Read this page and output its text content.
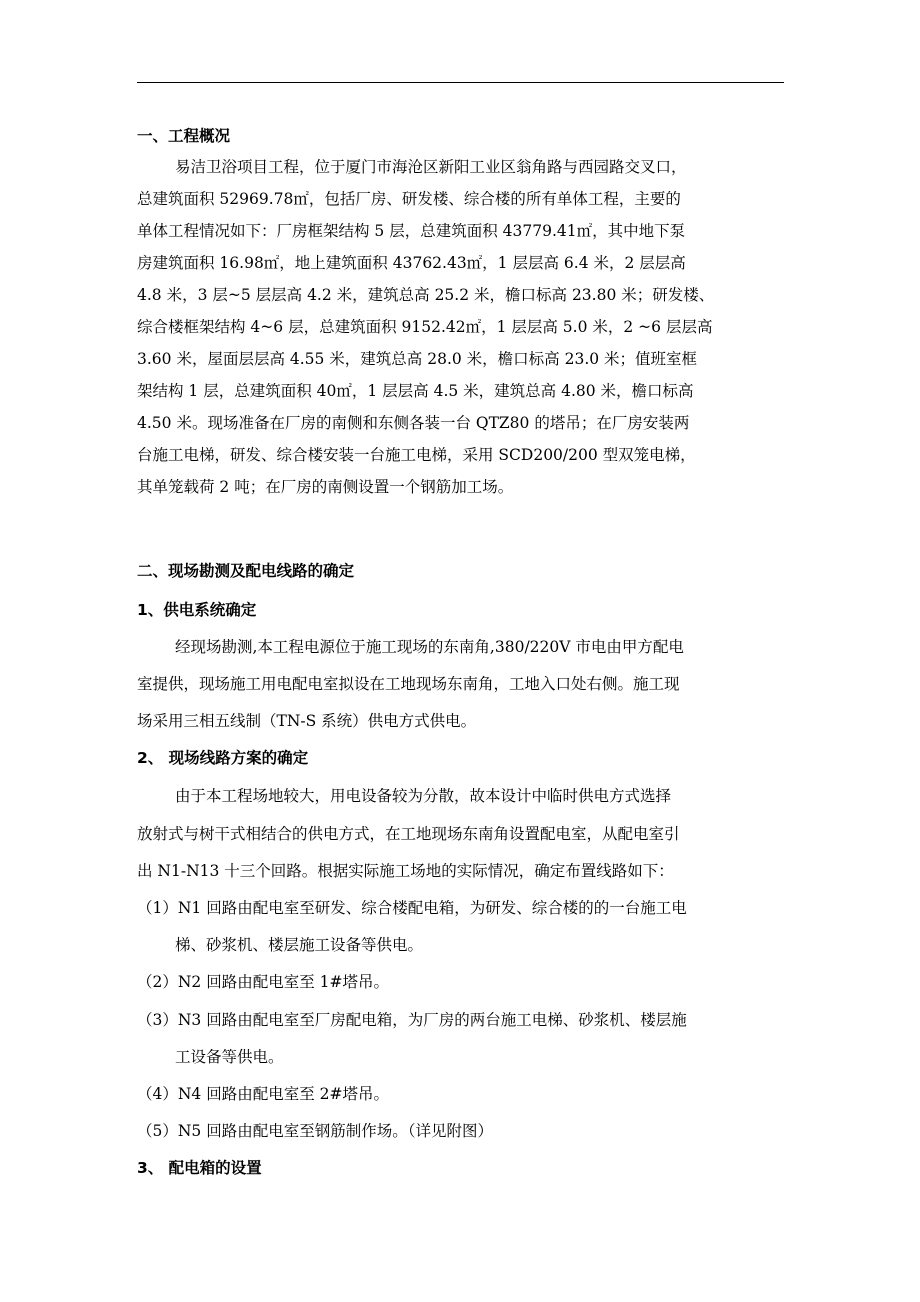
一、工程概况
易洁卫浴项目工程，位于厦门市海沧区新阳工业区翁角路与西园路交叉口，
总建筑面积 52969.78㎡，包括厂房、研发楼、综合楼的所有单体工程，主要的
单体工程情况如下：厂房框架结构 5 层，总建筑面积 43779.41㎡，其中地下泵
房建筑面积 16.98㎡，地上建筑面积 43762.43㎡，1 层层高 6.4 米，2 层层高
4.8 米，3 层~5 层层高 4.2 米，建筑总高 25.2 米，檐口标高 23.80 米；研发楼、
综合楼框架结构 4~6 层，总建筑面积 9152.42㎡，1 层层高 5.0 米，2 ~6 层层高
3.60 米，屋面层层高 4.55 米，建筑总高 28.0 米，檐口标高 23.0 米；值班室框
架结构 1 层，总建筑面积 40㎡，1 层层高 4.5 米，建筑总高 4.80 米，檐口标高
4.50 米。现场准备在厂房的南侧和东侧各装一台 QTZ80 的塔吊；在厂房安装两
台施工电梯，研发、综合楼安装一台施工电梯，采用 SCD200/200 型双笼电梯，
其单笼载荷 2 吨；在厂房的南侧设置一个钢筋加工场。
二、现场勘测及配电线路的确定
1、供电系统确定
经现场勘测,本工程电源位于施工现场的东南角,380/220V 市电由甲方配电
室提供，现场施工用电配电室拟设在工地现场东南角，工地入口处右侧。施工现
场采用三相五线制（TN-S 系统）供电方式供电。
2、 现场线路方案的确定
由于本工程场地较大，用电设备较为分散，故本设计中临时供电方式选择
放射式与树干式相结合的供电方式，在工地现场东南角设置配电室，从配电室引
出 N1-N13 十三个回路。根据实际施工场地的实际情况，确定布置线路如下：
（1）N1 回路由配电室至研发、综合楼配电箱，为研发、综合楼的的一台施工电
梯、砂浆机、楼层施工设备等供电。
（2）N2 回路由配电室至 1#塔吊。
（3）N3 回路由配电室至厂房配电箱，为厂房的两台施工电梯、砂浆机、楼层施
工设备等供电。
（4）N4 回路由配电室至 2#塔吊。
（5）N5 回路由配电室至钢筋制作场。（详见附图）
3、 配电箱的设置
